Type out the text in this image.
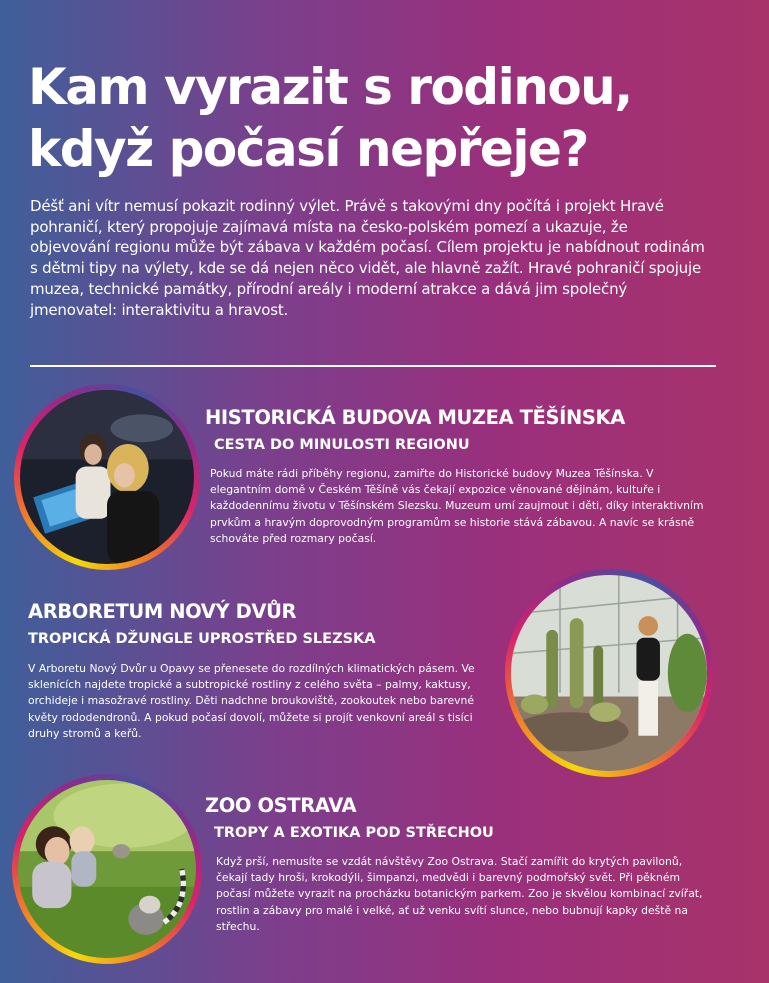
Kam vyrazit s rodinou,
když počasí nepřeje?

Déšť ani vítr nemusí pokazit rodinný výlet. Právě s takovými dny počítá i projekt Hravé pohraničí, který propojuje zajímavá místa na česko-polském pomezí a ukazuje, že objevování regionu může být zábava v každém počasí. Cílem projektu je nabídnout rodinám s dětmi tipy na výlety, kde se dá nejen něco vidět, ale hlavně zažít. Hravé pohraničí spojuje muzea, technické památky, přírodní areály i moderní atrakce a dává jim společný jmenovatel: interaktivitu a hravost.

HISTORICKÁ BUDOVA MUZEA TĚŠÍNSKA
CESTA DO MINULOSTI REGIONU

Pokud máte rádi příběhy regionu, zamiřte do Historické budovy Muzea Těšínska. V elegantním domě v Českém Těšíně vás čekají expozice věnované dějinám, kultuře i každodennímu životu v Těšínském Slezsku. Muzeum umí zaujmout i děti, díky interaktivním prvkům a hravým doprovodným programům se historie stává zábavou. A navíc se krásně schováte před rozmary počasí.

ARBORETUM NOVÝ DVŮR
TROPICKÁ DŽUNGLE UPROSTŘED SLEZSKA

V Arboretu Nový Dvůr u Opavy se přenesete do rozdílných klimatických pásem. Ve sklenících najdete tropické a subtropické rostliny z celého světa – palmy, kaktusy, orchideje i masožravé rostliny. Děti nadchne broukoviště, zookoutek nebo barevné květy rododendronů. A pokud počasí dovolí, můžete si projít venkovní areál s tisíci druhy stromů a keřů.

ZOO OSTRAVA
TROPY A EXOTIKA POD STŘECHOU

Když prší, nemusíte se vzdát návštěvy Zoo Ostrava. Stačí zamířit do krytých pavilonů, čekají tady hroši, krokodýli, šimpanzi, medvědi i barevný podmořský svět. Při pěkném počasí můžete vyrazit na procházku botanickým parkem. Zoo je skvělou kombinací zvířat, rostlin a zábavy pro malé i velké, ať už venku svítí slunce, nebo bubnují kapky deště na střechu.
